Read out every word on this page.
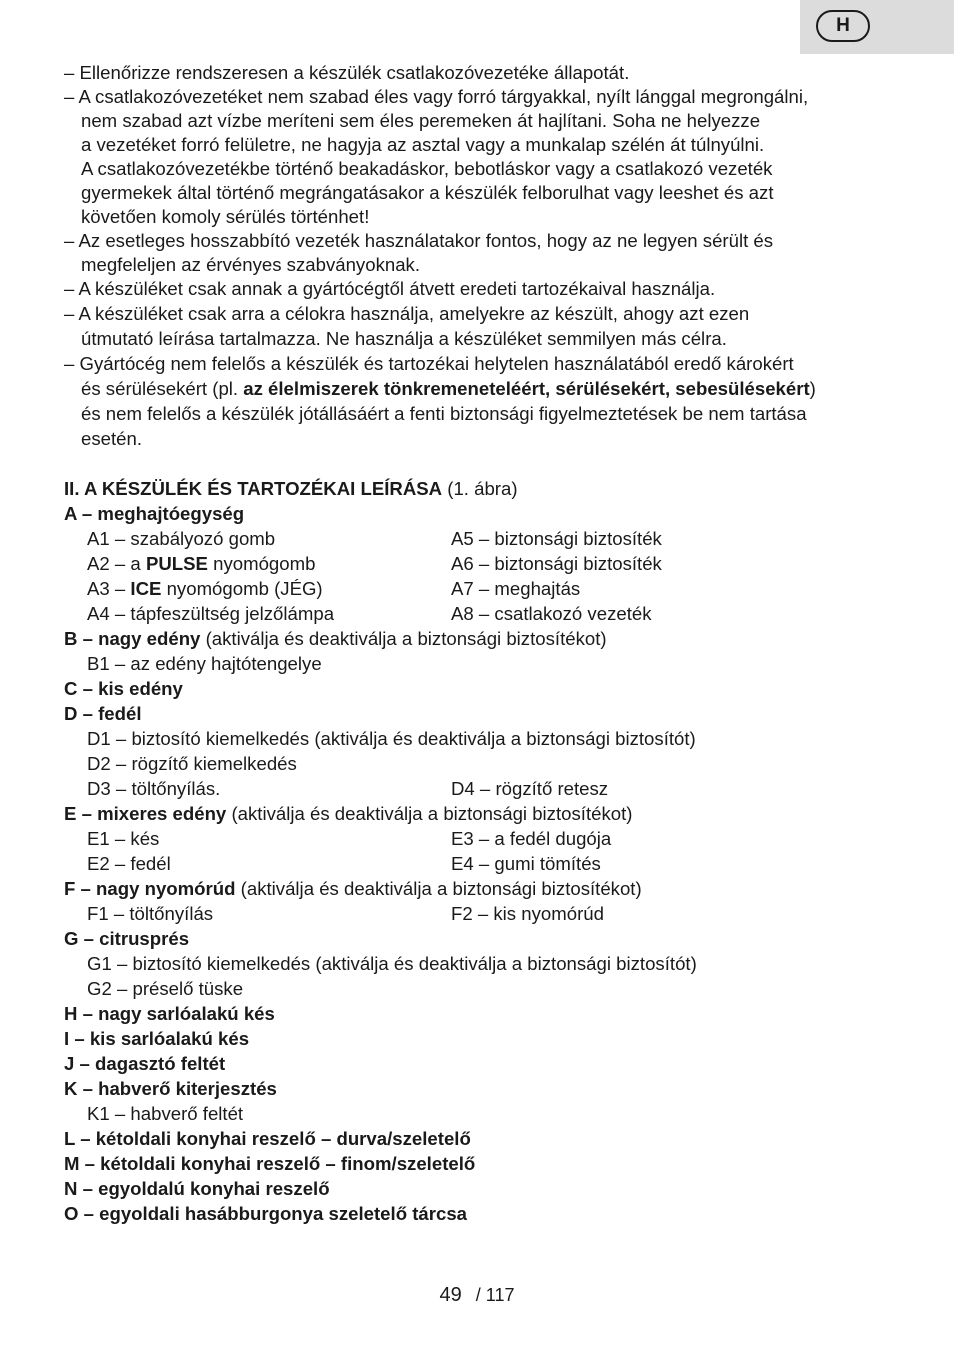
H
– Ellenőrizze rendszeresen a készülék csatlakozóvezetéke állapotát.
– A csatlakozóvezetéket nem szabad éles vagy forró tárgyakkal, nyílt lánggal megrongálni,
nem szabad azt vízbe meríteni sem éles peremeken át hajlítani. Soha ne helyezze
a vezetéket forró felületre, ne hagyja az asztal vagy a munkalap szélén át túlnyúlni.
A csatlakozóvezetékbe történő beakadáskor, bebotláskor vagy a csatlakozó vezeték
gyermekek által történő megrángatásakor a készülék felborulhat vagy leeshet és azt
követően komoly sérülés történhet!
– Az esetleges hosszabbító vezeték használatakor fontos, hogy az ne legyen sérült és
megfeleljen az érvényes szabványoknak.
– A készüléket csak annak a gyártócégtől átvett eredeti tartozékaival használja.
– A készüléket csak arra a célokra használja, amelyekre az készült, ahogy azt ezen
útmutató leírása tartalmazza. Ne használja a készüléket semmilyen más célra.
– Gyártócég nem felelős a készülék és tartozékai helytelen használatából eredő károkért
és sérülésekért (pl. az élelmiszerek tönkremeneteléért, sérülésekért, sebesülésekért)
és nem felelős a készülék jótállásáért a fenti biztonsági figyelmeztetések be nem tartása
esetén.
II. A KÉSZÜLÉK ÉS TARTOZÉKAI LEÍRÁSA (1. ábra)
A – meghajtóegység
A1 – szabályozó gomb	A5 – biztonsági biztosíték
A2 – a PULSE nyomógomb	A6 – biztonsági biztosíték
A3 – ICE nyomógomb (JÉG)	A7 – meghajtás
A4 – tápfeszültség jelzőlámpa	A8 – csatlakozó vezeték
B – nagy edény (aktiválja és deaktiválja a biztonsági biztosítékot)
B1 – az edény hajtótengelye
C – kis edény
D – fedél
D1 – biztosító kiemelkedés (aktiválja és deaktiválja a biztonsági biztosítót)
D2 – rögzítő kiemelkedés
D3 – töltőnyílás.	D4 – rögzítő retesz
E – mixeres edény (aktiválja és deaktiválja a biztonsági biztosítékot)
E1 – kés	E3 – a fedél dugója
E2 – fedél	E4 – gumi tömítés
F – nagy nyomórúd (aktiválja és deaktiválja a biztonsági biztosítékot)
F1 – töltőnyílás	F2 – kis nyomórúd
G – citrusprés
G1 – biztosító kiemelkedés (aktiválja és deaktiválja a biztonsági biztosítót)
G2 – préselő tüske
H – nagy sarlóalakú kés
I – kis sarlóalakú kés
J – dagasztó feltét
K – habverő kiterjesztés
K1 – habverő feltét
L – kétoldali konyhai reszelő – durva/szeletelő
M – kétoldali konyhai reszelő – finom/szeletelő
N – egyoldalú konyhai reszelő
O – egyoldali hasábburgonya szeletelő tárcsa
49 / 117
